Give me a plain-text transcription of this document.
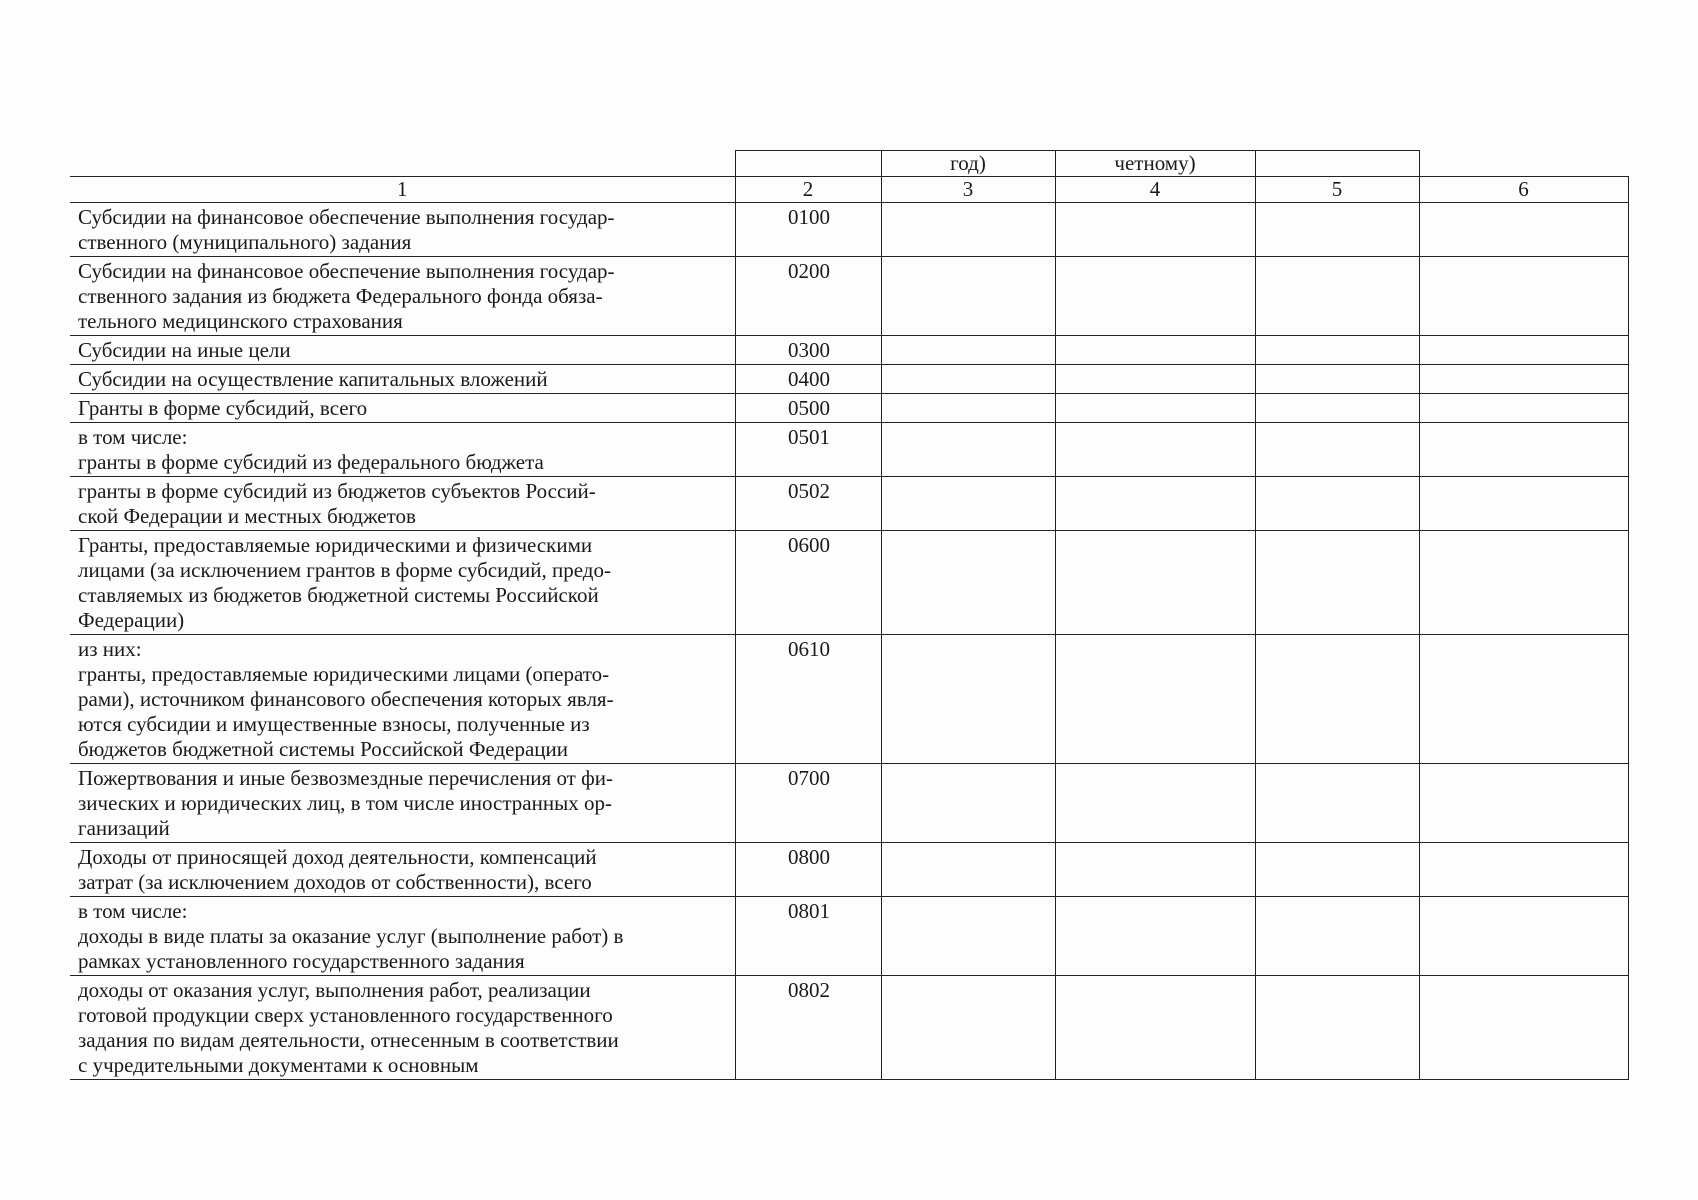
		год)	четному)		
1	2	3	4	5	6
Субсидии на финансовое обеспечение выполнения государ-
ственного (муниципального) задания	0100				
Субсидии на финансовое обеспечение выполнения государ-
ственного задания из бюджета Федерального фонда обяза-
тельного медицинского страхования	0200				
Субсидии на иные цели	0300				
Субсидии на осуществление капитальных вложений	0400				
Гранты в форме субсидий, всего	0500				
в том числе:
гранты в форме субсидий из федерального бюджета	0501				
гранты в форме субсидий из бюджетов субъектов Россий-
ской Федерации и местных бюджетов	0502				
Гранты, предоставляемые юридическими и физическими
лицами (за исключением грантов в форме субсидий, предо-
ставляемых из бюджетов бюджетной системы Российской
Федерации)	0600				
из них:
гранты, предоставляемые юридическими лицами (операто-
рами), источником финансового обеспечения которых явля-
ются субсидии и имущественные взносы, полученные из
бюджетов бюджетной системы Российской Федерации	0610				
Пожертвования и иные безвозмездные перечисления от фи-
зических и юридических лиц, в том числе иностранных ор-
ганизаций	0700				
Доходы от приносящей доход деятельности, компенсаций
затрат (за исключением доходов от собственности), всего	0800				
в том числе:
доходы в виде платы за оказание услуг (выполнение работ) в
рамках установленного государственного задания	0801				
доходы от оказания услуг, выполнения работ, реализации
готовой продукции сверх установленного государственного
задания по видам деятельности, отнесенным в соответствии
с учредительными документами к основным	0802				
